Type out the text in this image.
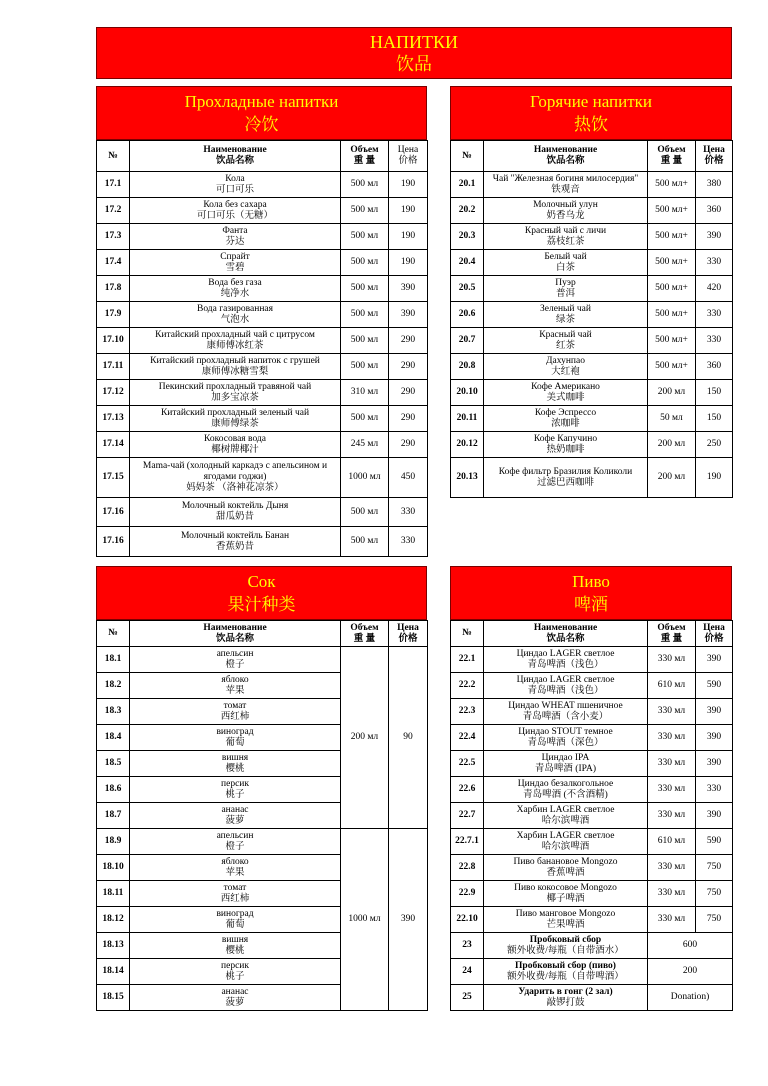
НАПИТКИ
饮品
Прохладные напитки
冷饮
№	Наименование
饮品名称	Объем
重 量	Цена
价格

17.1	Кола
可口可乐	500 мл	190
17.2	Кола без сахара
可口可乐（无糖）	500 мл	190
17.3	Фанта
芬达	500 мл	190
17.4	Спрайт
雪碧	500 мл	190
17.8	Вода без газа
纯净水	500 мл	390
17.9	Вода газированная
气泡水	500 мл	390
17.10	Китайский прохладный чай с цитрусом
康师傅冰红茶	500 мл	290
17.11	Китайский прохладный напиток с грушей
康师傅冰糖雪梨	500 мл	290
17.12	Пекинский прохладный травяной чай
加多宝凉茶	310 мл	290
17.13	Китайский прохладный зеленый чай
康师傅绿茶	500 мл	290
17.14	Кокосовая вода
椰树牌椰汁	245 мл	290
17.15	Mama-чай (холодный каркадэ с апельсином и ягодами годжи)
妈妈茶 （洛神花凉茶）	1000 мл	450
17.16	Молочный коктейль Дыня
甜瓜奶昔	500 мл	330
17.16	Молочный коктейль Банан
香蕉奶昔	500 мл	330
Горячие напитки
热饮
№	Наименование
饮品名称	Объем
重 量	Цена
价格

20.1	Чай "Железная богиня милосердия"
铁观音	500 мл+	380
20.2	Молочный улун
奶香乌龙	500 мл+	360
20.3	Красный чай с личи
荔枝红茶	500 мл+	390
20.4	Белый чай
白茶	500 мл+	330
20.5	Пуэр
普洱	500 мл+	420
20.6	Зеленый чай
绿茶	500 мл+	330
20.7	Красный чай
红茶	500 мл+	330
20.8	Дахунпао
大红袍	500 мл+	360
20.10	Кофе Американо
美式咖啡	200 мл	150
20.11	Кофе Эспрессо
浓咖啡	50 мл	150
20.12	Кофе Капучино
热奶咖啡	200 мл	250
20.13	Кофе фильтр Бразилия Коликоли
过滤巴西咖啡	200 мл	190
Сок
果汁种类
№	Наименование
饮品名称	Объем
重 量	Цена
价格

18.1	апельсин
橙子	200 мл	90
18.2	яблоко
苹果		

18.3	томат
西红柿		

18.4	виноград
葡萄		

18.5	вишня
樱桃		

18.6	персик
桃子		

18.7	ананас
菠萝		

18.9	апельсин
橙子	1000 мл	390
18.10	яблоко
苹果		

18.11	томат
西红柿		

18.12	виноград
葡萄		

18.13	вишня
樱桃		

18.14	персик
桃子		

18.15	ананас
菠萝		
Пиво
啤酒
№	Наименование
饮品名称	Объем
重 量	Цена
价格

22.1	Циндао LAGER светлое
青岛啤酒（浅色）	330 мл	390
22.2	Циндао LAGER светлое
青岛啤酒（浅色）	610 мл	590
22.3	Циндао WHEAT пшеничное
青岛啤酒（含小麦）	330 мл	390
22.4	Циндао STOUT темное
青岛啤酒（深色）	330 мл	390
22.5	Циндао IPA
青岛啤酒 (IPA)	330 мл	390
22.6	Циндао безалкогольное
青岛啤酒 (不含酒精)	330 мл	330
22.7	Харбин LAGER светлое
哈尔滨啤酒	330 мл	390
22.7.1	Харбин LAGER светлое
哈尔滨啤酒	610 мл	590
22.8	Пиво банановое Mongozo
香蕉啤酒	330 мл	750
22.9	Пиво кокосовое Mongozo
椰子啤酒	330 мл	750
22.10	Пиво манговое Mongozo
芒果啤酒	330 мл	750
23	Пробковый сбор
额外收费/每瓶（自带酒水）	600	
24	Пробковый сбор (пиво)
额外收费/每瓶（自带啤酒）	200	
25	Ударить в гонг (2 зал)
敲锣打鼓	Donation)	
